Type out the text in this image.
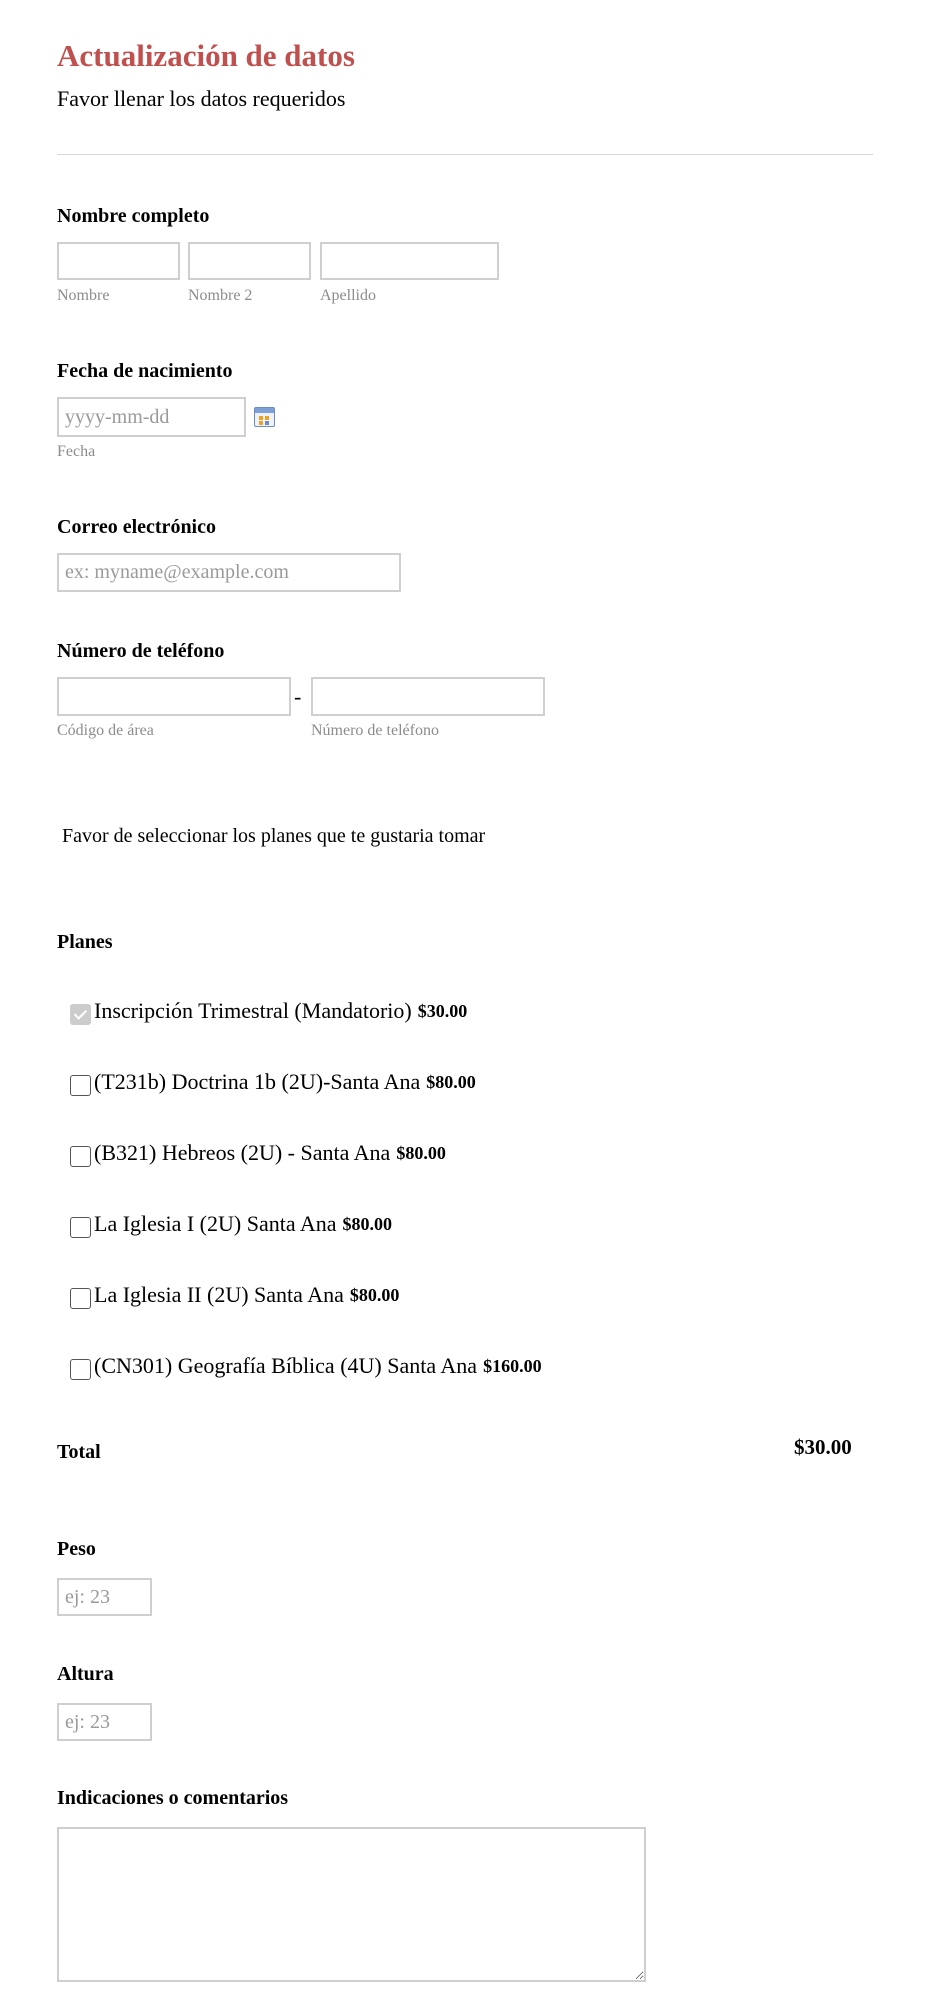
Actualización de datos
Favor llenar los datos requeridos
Nombre completo
Nombre	Nombre 2	Apellido
Fecha de nacimiento
yyyy-mm-dd
Fecha
Correo electrónico
ex: myname@example.com
Número de teléfono
-
Código de área	Número de teléfono
Favor de seleccionar los planes que te gustaria tomar
Planes
Inscripción Trimestral (Mandatorio) $30.00
(T231b) Doctrina 1b (2U)-Santa Ana $80.00
(B321) Hebreos (2U) - Santa Ana $80.00
La Iglesia I (2U) Santa Ana $80.00
La Iglesia II (2U) Santa Ana $80.00
(CN301) Geografía Bíblica (4U) Santa Ana $160.00
Total	$30.00
Peso
ej: 23
Altura
ej: 23
Indicaciones o comentarios
